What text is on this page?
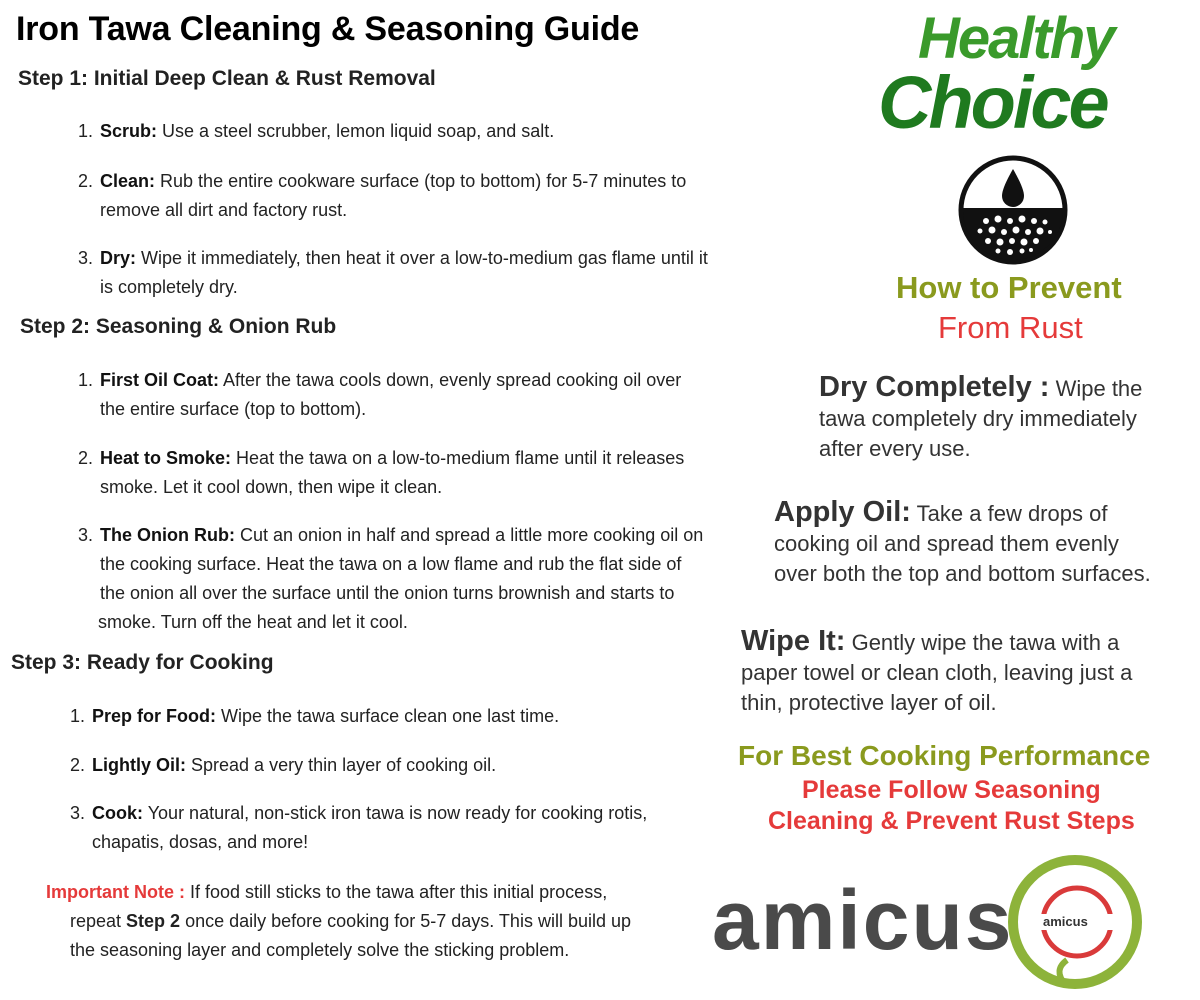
Iron Tawa Cleaning & Seasoning Guide
Step 1: Initial Deep Clean & Rust Removal
1. Scrub: Use a steel scrubber, lemon liquid soap, and salt.
2. Clean: Rub the entire cookware surface (top to bottom) for 5-7 minutes to
remove all dirt and factory rust.
3. Dry: Wipe it immediately, then heat it over a low-to-medium gas flame until it
is completely dry.
Step 2: Seasoning & Onion Rub
1. First Oil Coat: After the tawa cools down, evenly spread cooking oil over
the entire surface (top to bottom).
2. Heat to Smoke: Heat the tawa on a low-to-medium flame until it releases
smoke. Let it cool down, then wipe it clean.
3. The Onion Rub: Cut an onion in half and spread a little more cooking oil on
the cooking surface. Heat the tawa on a low flame and rub the flat side of
the onion all over the surface until the onion turns brownish and starts to
smoke. Turn off the heat and let it cool.
Step 3: Ready for Cooking
1. Prep for Food: Wipe the tawa surface clean one last time.
2. Lightly Oil: Spread a very thin layer of cooking oil.
3. Cook: Your natural, non-stick iron tawa is now ready for cooking rotis,
chapatis, dosas, and more!
Important Note : If food still sticks to the tawa after this initial process,
repeat Step 2 once daily before cooking for 5-7 days. This will build up
the seasoning layer and completely solve the sticking problem.
Healthy
Choice
How to Prevent
From Rust
Dry Completely : Wipe the
tawa completely dry immediately
after every use.
Apply Oil: Take a few drops of
cooking oil and spread them evenly
over both the top and bottom surfaces.
Wipe It: Gently wipe the tawa with a
paper towel or clean cloth, leaving just a
thin, protective layer of oil.
For Best Cooking Performance
Please Follow Seasoning
Cleaning & Prevent Rust Steps
amicus amicus
